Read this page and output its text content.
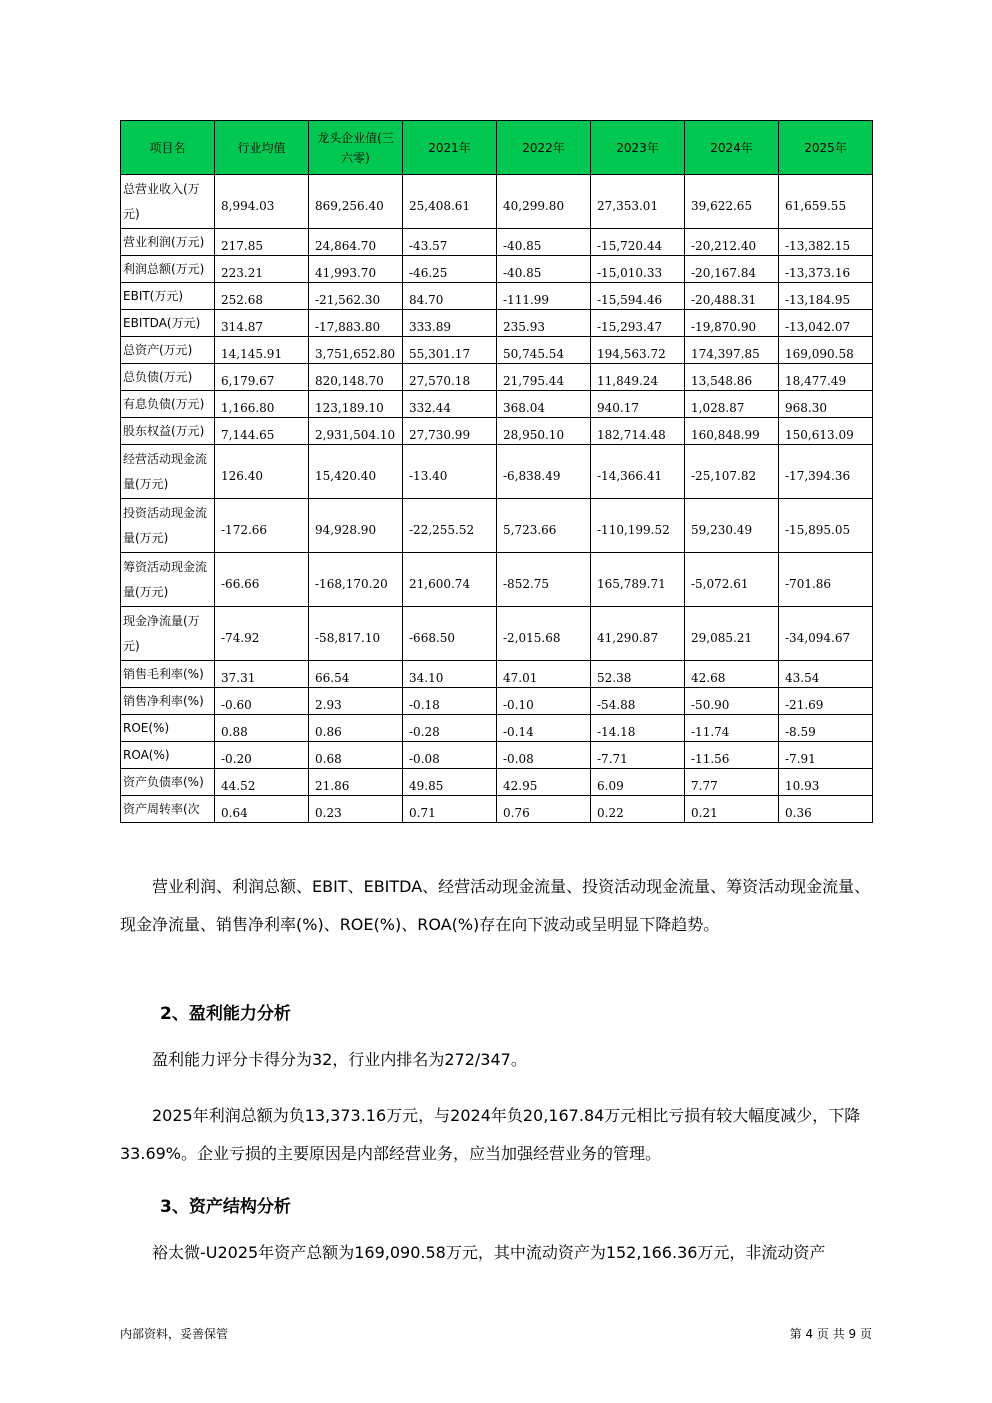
项目名	行业均值	龙头企业值(三六零)	2021年	2022年	2023年	2024年	2025年
总营业收入(万元)	8,994.03	869,256.40	25,408.61	40,299.80	27,353.01	39,622.65	61,659.55
营业利润(万元)	217.85	24,864.70	-43.57	-40.85	-15,720.44	-20,212.40	-13,382.15
利润总额(万元)	223.21	41,993.70	-46.25	-40.85	-15,010.33	-20,167.84	-13,373.16
EBIT(万元)	252.68	-21,562.30	84.70	-111.99	-15,594.46	-20,488.31	-13,184.95
EBITDA(万元)	314.87	-17,883.80	333.89	235.93	-15,293.47	-19,870.90	-13,042.07
总资产(万元)	14,145.91	3,751,652.80	55,301.17	50,745.54	194,563.72	174,397.85	169,090.58
总负债(万元)	6,179.67	820,148.70	27,570.18	21,795.44	11,849.24	13,548.86	18,477.49
有息负债(万元)	1,166.80	123,189.10	332.44	368.04	940.17	1,028.87	968.30
股东权益(万元)	7,144.65	2,931,504.10	27,730.99	28,950.10	182,714.48	160,848.99	150,613.09
经营活动现金流量(万元)	126.40	15,420.40	-13.40	-6,838.49	-14,366.41	-25,107.82	-17,394.36
投资活动现金流量(万元)	-172.66	94,928.90	-22,255.52	5,723.66	-110,199.52	59,230.49	-15,895.05
筹资活动现金流量(万元)	-66.66	-168,170.20	21,600.74	-852.75	165,789.71	-5,072.61	-701.86
现金净流量(万元)	-74.92	-58,817.10	-668.50	-2,015.68	41,290.87	29,085.21	-34,094.67
销售毛利率(%)	37.31	66.54	34.10	47.01	52.38	42.68	43.54
销售净利率(%)	-0.60	2.93	-0.18	-0.10	-54.88	-50.90	-21.69
ROE(%)	0.88	0.86	-0.28	-0.14	-14.18	-11.74	-8.59
ROA(%)	-0.20	0.68	-0.08	-0.08	-7.71	-11.56	-7.91
资产负债率(%)	44.52	21.86	49.85	42.95	6.09	7.77	10.93
资产周转率(次	0.64	0.23	0.71	0.76	0.22	0.21	0.36

营业利润、利润总额、EBIT、EBITDA、经营活动现金流量、投资活动现金流量、筹资活动现金流量、现金净流量、销售净利率(%)、ROE(%)、ROA(%)存在向下波动或呈明显下降趋势。

2、盈利能力分析

盈利能力评分卡得分为32，行业内排名为272/347。

2025年利润总额为负13,373.16万元，与2024年负20,167.84万元相比亏损有较大幅度减少，下降33.69%。企业亏损的主要原因是内部经营业务，应当加强经营业务的管理。

3、资产结构分析

裕太微-U2025年资产总额为169,090.58万元，其中流动资产为152,166.36万元，非流动资产

内部资料，妥善保管	第 4 页 共 9 页
